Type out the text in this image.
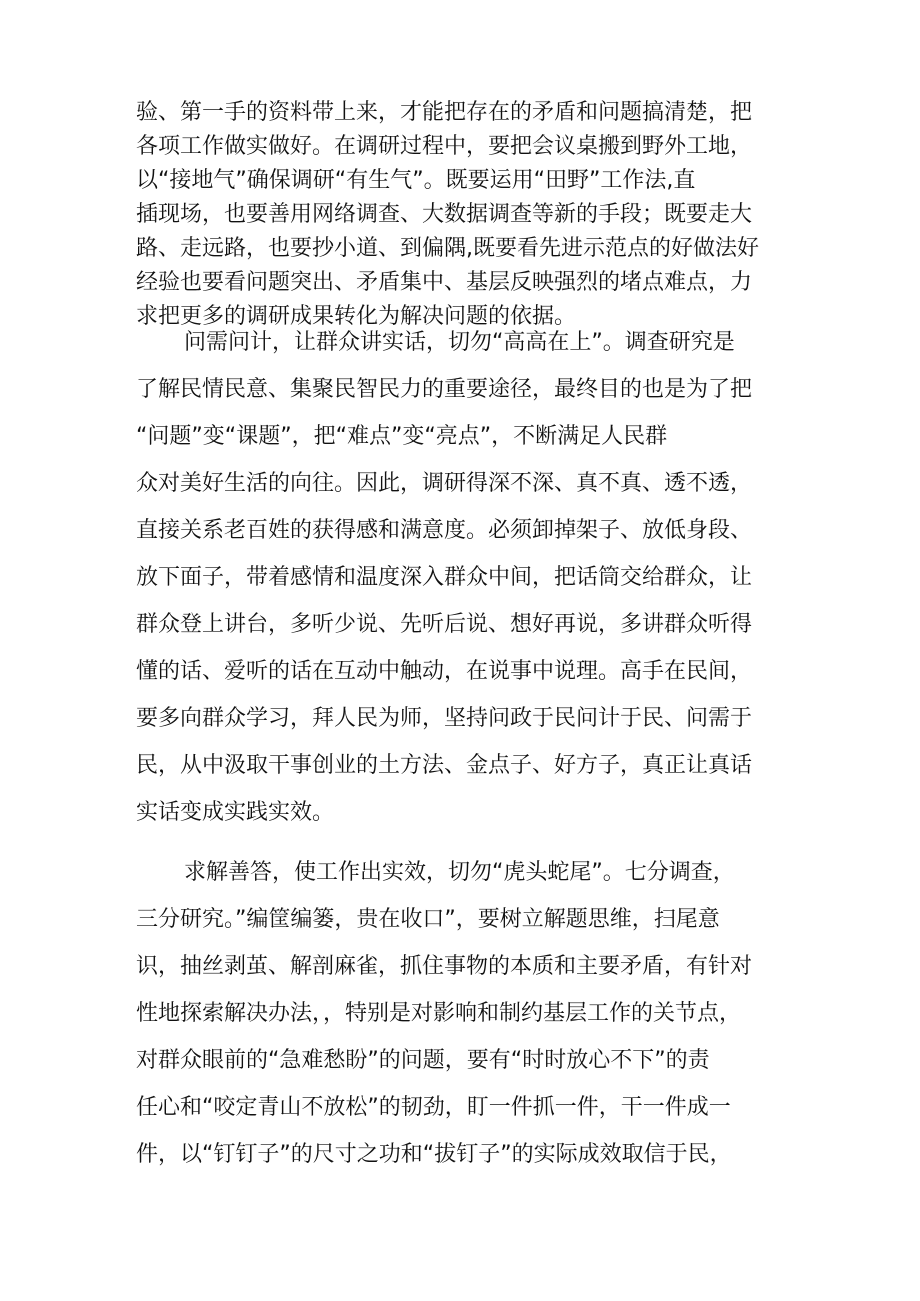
验、第一手的资料带上来，才能把存在的矛盾和问题搞清楚，把
各项工作做实做好。在调研过程中，要把会议桌搬到野外工地，
以“接地气”确保调研“有生气”。既要运用“田野”工作法,直
插现场，也要善用网络调查、大数据调查等新的手段；既要走大
路、走远路，也要抄小道、到偏隅,既要看先进示范点的好做法好
经验也要看问题突出、矛盾集中、基层反映强烈的堵点难点，力
求把更多的调研成果转化为解决问题的依据。
问需问计，让群众讲实话，切勿“高高在上”。调查研究是
了解民情民意、集聚民智民力的重要途径，最终目的也是为了把
“问题”变“课题”，把“难点”变“亮点”，不断满足人民群
众对美好生活的向往。因此，调研得深不深、真不真、透不透，
直接关系老百姓的获得感和满意度。必须卸掉架子、放低身段、
放下面子，带着感情和温度深入群众中间，把话筒交给群众，让
群众登上讲台，多听少说、先听后说、想好再说，多讲群众听得
懂的话、爱听的话在互动中触动，在说事中说理。高手在民间，
要多向群众学习，拜人民为师，坚持问政于民问计于民、问需于
民，从中汲取干事创业的土方法、金点子、好方子，真正让真话
实话变成实践实效。
求解善答，使工作出实效，切勿“虎头蛇尾”。七分调查，
三分研究。”编筐编篓，贵在收口”，要树立解题思维，扫尾意
识，抽丝剥茧、解剖麻雀，抓住事物的本质和主要矛盾，有针对
性地探索解决办法，，特别是对影响和制约基层工作的关节点，
对群众眼前的“急难愁盼”的问题，要有“时时放心不下”的责
任心和“咬定青山不放松”的韧劲，盯一件抓一件，干一件成一
件，以“钉钉子”的尺寸之功和“拔钉子”的实际成效取信于民，
